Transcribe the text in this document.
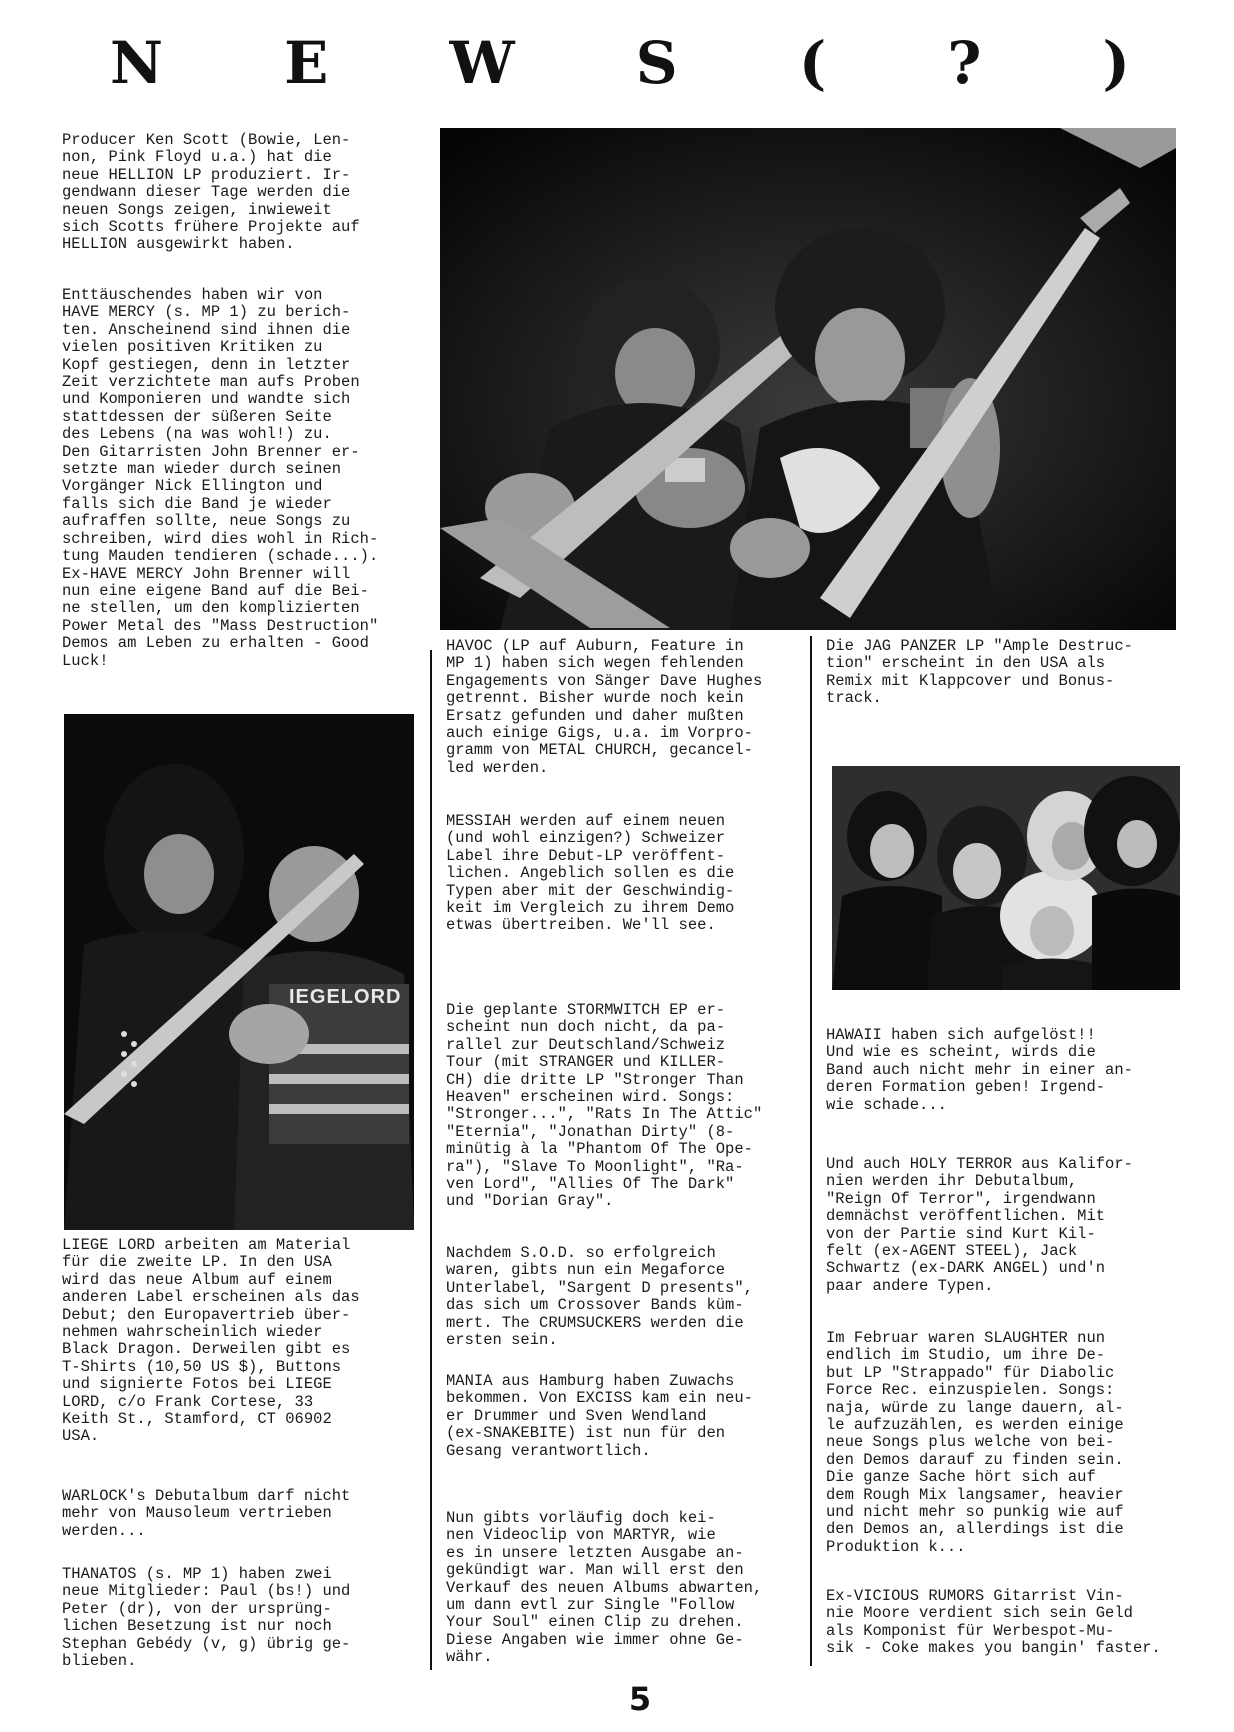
N E W S ( ? )
Producer Ken Scott (Bowie, Len-
non, Pink Floyd u.a.) hat die
neue HELLION LP produziert. Ir-
gendwann dieser Tage werden die
neuen Songs zeigen, inwieweit
sich Scotts frühere Projekte auf
HELLION ausgewirkt haben.
Enttäuschendes haben wir von
HAVE MERCY (s. MP 1) zu berich-
ten. Anscheinend sind ihnen die
vielen positiven Kritiken zu
Kopf gestiegen, denn in letzter
Zeit verzichtete man aufs Proben
und Komponieren und wandte sich
stattdessen der süßeren Seite
des Lebens (na was wohl!) zu.
Den Gitarristen John Brenner er-
setzte man wieder durch seinen
Vorgänger Nick Ellington und
falls sich die Band je wieder
aufraffen sollte, neue Songs zu
schreiben, wird dies wohl in Rich-
tung Mauden tendieren (schade...).
Ex-HAVE MERCY John Brenner will
nun eine eigene Band auf die Bei-
ne stellen, um den komplizierten
Power Metal des "Mass Destruction"
Demos am Leben zu erhalten - Good
Luck!
HAVOC (LP auf Auburn, Feature in
MP 1) haben sich wegen fehlenden
Engagements von Sänger Dave Hughes
getrennt. Bisher wurde noch kein
Ersatz gefunden und daher mußten
auch einige Gigs, u.a. im Vorpro-
gramm von METAL CHURCH, gecancel-
led werden.
MESSIAH werden auf einem neuen
(und wohl einzigen?) Schweizer
Label ihre Debut-LP veröffent-
lichen. Angeblich sollen es die
Typen aber mit der Geschwindig-
keit im Vergleich zu ihrem Demo
etwas übertreiben. We'll see.
Die geplante STORMWITCH EP er-
scheint nun doch nicht, da pa-
rallel zur Deutschland/Schweiz
Tour (mit STRANGER und KILLER-
CH) die dritte LP "Stronger Than
Heaven" erscheinen wird. Songs:
"Stronger...", "Rats In The Attic"
"Eternia", "Jonathan Dirty" (8-
minütig à la "Phantom Of The Ope-
ra"), "Slave To Moonlight", "Ra-
ven Lord", "Allies Of The Dark"
und "Dorian Gray".
Nachdem S.O.D. so erfolgreich
waren, gibts nun ein Megaforce
Unterlabel, "Sargent D presents",
das sich um Crossover Bands küm-
mert. The CRUMSUCKERS werden die
ersten sein.
MANIA aus Hamburg haben Zuwachs
bekommen. Von EXCISS kam ein neu-
er Drummer und Sven Wendland
(ex-SNAKEBITE) ist nun für den
Gesang verantwortlich.
Nun gibts vorläufig doch kei-
nen Videoclip von MARTYR, wie
es in unsere letzten Ausgabe an-
gekündigt war. Man will erst den
Verkauf des neuen Albums abwarten,
um dann evtl zur Single "Follow
Your Soul" einen Clip zu drehen.
Diese Angaben wie immer ohne Ge-
währ.
Die JAG PANZER LP "Ample Destruc-
tion" erscheint in den USA als
Remix mit Klappcover und Bonus-
track.
HAWAII haben sich aufgelöst!!
Und wie es scheint, wirds die
Band auch nicht mehr in einer an-
deren Formation geben! Irgend-
wie schade...
Und auch HOLY TERROR aus Kalifor-
nien werden ihr Debutalbum,
"Reign Of Terror", irgendwann
demnächst veröffentlichen. Mit
von der Partie sind Kurt Kil-
felt (ex-AGENT STEEL), Jack
Schwartz (ex-DARK ANGEL) und'n
paar andere Typen.
Im Februar waren SLAUGHTER nun
endlich im Studio, um ihre De-
but LP "Strappado" für Diabolic
Force Rec. einzuspielen. Songs:
naja, würde zu lange dauern, al-
le aufzuzählen, es werden einige
neue Songs plus welche von bei-
den Demos darauf zu finden sein.
Die ganze Sache hört sich auf
dem Rough Mix langsamer, heavier
und nicht mehr so punkig wie auf
den Demos an, allerdings ist die
Produktion k...
Ex-VICIOUS RUMORS Gitarrist Vin-
nie Moore verdient sich sein Geld
als Komponist für Werbespot-Mu-
sik - Coke makes you bangin' faster.
IEGELORD
LIEGE LORD arbeiten am Material
für die zweite LP. In den USA
wird das neue Album auf einem
anderen Label erscheinen als das
Debut; den Europavertrieb über-
nehmen wahrscheinlich wieder
Black Dragon. Derweilen gibt es
T-Shirts (10,50 US $), Buttons
und signierte Fotos bei LIEGE
LORD, c/o Frank Cortese, 33
Keith St., Stamford, CT 06902
USA.
WARLOCK's Debutalbum darf nicht
mehr von Mausoleum vertrieben
werden...
THANATOS (s. MP 1) haben zwei
neue Mitglieder: Paul (bs!) und
Peter (dr), von der ursprüng-
lichen Besetzung ist nur noch
Stephan Gebédy (v, g) übrig ge-
blieben.
5
